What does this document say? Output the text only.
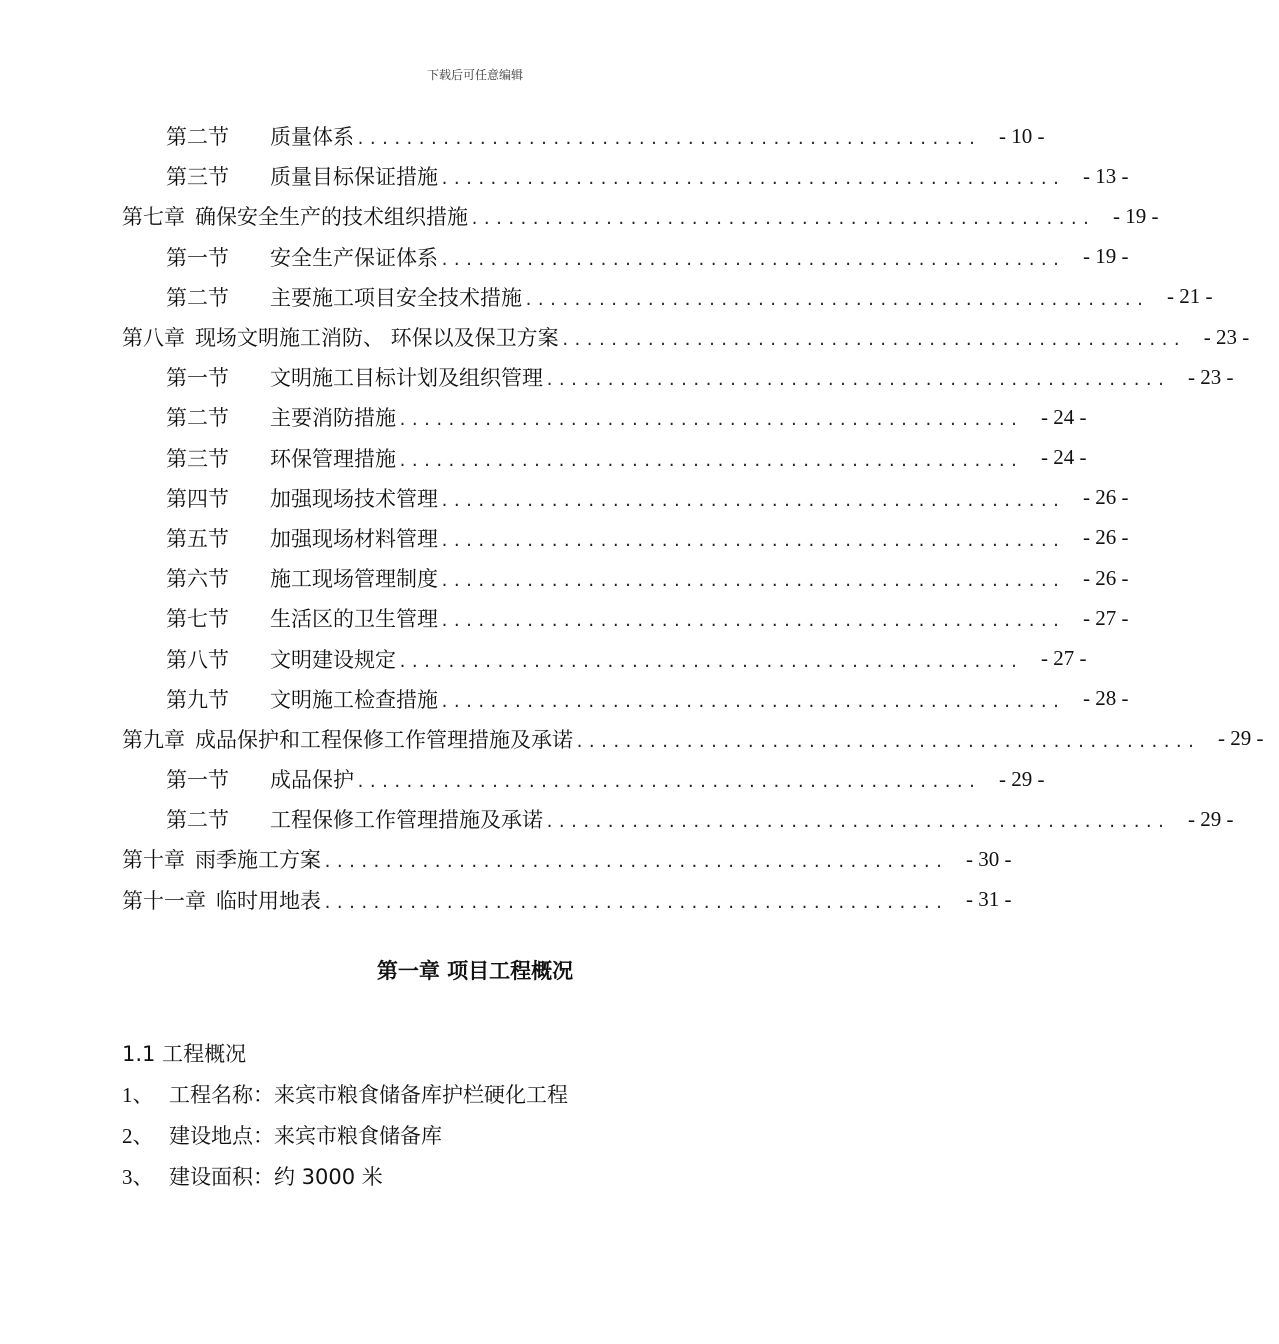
下载后可任意编辑
第二节	质量体系 ................................................... - 10 -
第三节	质量目标保证措施 ................................................... - 13 -
第七章 确保安全生产的技术组织措施 ................................................... - 19 -
第一节	安全生产保证体系 ................................................... - 19 -
第二节	主要施工项目安全技术措施 ................................................... - 21 -
第八章 现场文明施工消防、 环保以及保卫方案 ................................................... - 23 -
第一节	文明施工目标计划及组织管理 ................................................... - 23 -
第二节	主要消防措施 ................................................... - 24 -
第三节	环保管理措施 ................................................... - 24 -
第四节	加强现场技术管理 ................................................... - 26 -
第五节	加强现场材料管理 ................................................... - 26 -
第六节	施工现场管理制度 ................................................... - 26 -
第七节	生活区的卫生管理 ................................................... - 27 -
第八节	文明建设规定 ................................................... - 27 -
第九节	文明施工检查措施 ................................................... - 28 -
第九章 成品保护和工程保修工作管理措施及承诺 ................................................... - 29 -
第一节	成品保护 ................................................... - 29 -
第二节	工程保修工作管理措施及承诺 ................................................... - 29 -
第十章 雨季施工方案 ................................................... - 30 -
第十一章 临时用地表 ................................................... - 31 -
第一章 项目工程概况
1.1 工程概况
1、 工程名称：来宾市粮食储备库护栏硬化工程
2、 建设地点：来宾市粮食储备库
3、 建设面积：约 3000 米
